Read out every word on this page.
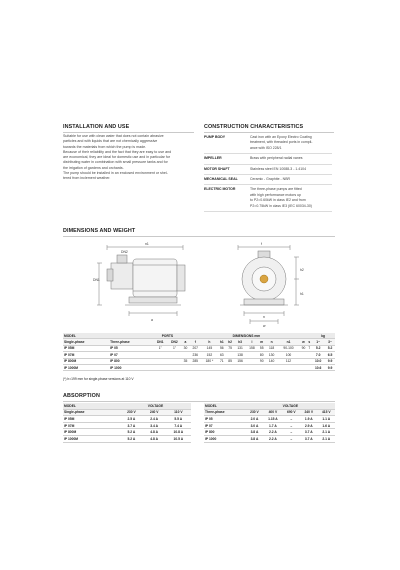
INSTALLATION AND USE
Suitable for use with clean water that does not contain abrasive
particles and with liquids that are not chemically aggressive
towards the materials from which the pump is made.
Because of their reliability and the fact that they are easy to use and
are economical, they are ideal for domestic use and in particular for
distributing water in combination with small pressure tanks and for
the irrigation of gardens and orchards.
The pump should be installed in an enclosed environment or shel-
tered from inclement weather.
CONSTRUCTION CHARACTERISTICS
PUMP BODY	Cast iron with an Epoxy Electro Coating
treatment, with threaded ports in compli-
ance with ISO 228/1
IMPELLER	Brass with peripheral radial vanes
MOTOR SHAFT	Stainless steel EN 10088-3 - 1.4104
MECHANICAL SEAL	Ceramic - Graphite - NBR
ELECTRIC MOTOR	The three-phase pumps are fitted
with high performance motors up
to P2=0.60kW in class IE2 and from
P2=0.75kW in class IE3 (IEC 60034-30)
DIMENSIONS AND WEIGHT
DN1
DN2
n1
a
f
h2
h1
n
w
MODEL		PORTS		DIMENSIONS mm												kg	
Single-phase	Three-phase	DN1	DN2	a	f	h	h1	h2	h3	l	m	n	n1	w	s	1~	3~
IP 05M	IP 05	1"	1"	30	207	145	56	75	131	158	55	118	90-100	90	7	5.2	5.2
IP 07M	IP 07				236	152	63		138		80	130	100			7.0	6.5
IP 800M	IP 800			35	285	180 *	71	85	156		90	140	112			10.0	9.9
IP 1000M	IP 1000															10.6	9.9
(*) h=199 mm for single-phase versions at 110 V
ABSORPTION
MODEL	VOLTAGE		
Single-phase	230 V	240 V	110 V
IP 05M	2.5 A	2.4 A	5.5 A
IP 07M	3.7 A	3.4 A	7.4 A
IP 800M	5.2 A	4.8 A	10.8 A
IP 1000M	5.2 A	4.8 A	10.5 A
MODEL	VOLTAGE				
Three-phase	230 V	400 V	690 V	240 V	415 V
IP 05	2.0 A	1.15 A	–	1.9 A	1.1 A
IP 07	3.0 A	1.7 A	–	2.9 A	1.6 A
IP 800	3.8 A	2.2 A	–	3.7 A	2.1 A
IP 1000	3.8 A	2.2 A	–	3.7 A	2.1 A
